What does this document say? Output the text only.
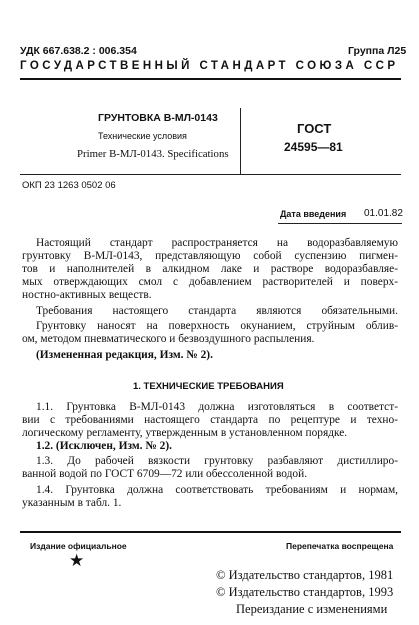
УДК 667.638.2 : 006.354	Группа Л25
ГОСУДАРСТВЕННЫЙ СТАНДАРТ СОЮЗА ССР
ГРУНТОВКА В-МЛ-0143
Технические условия
Primer В-МЛ-0143. Specifications
ГОСТ
24595—81
ОКП 23 1263 0502 06
Дата введения 01.01.82
Настоящий стандарт распространяется на водоразбавляемую
грунтовку В-МЛ-0143, представляющую собой суспензию пигмен-
тов и наполнителей в алкидном лаке и растворе водоразбавляе-
мых отверждающих смол с добавлением растворителей и поверх-
ностно-активных веществ.
Требования настоящего стандарта являются обязательными.
Грунтовку наносят на поверхность окунанием, струйным облив-
ом, методом пневматического и безвоздушного распыления.
(Измененная редакция, Изм. № 2).
1. ТЕХНИЧЕСКИЕ ТРЕБОВАНИЯ
1.1. Грунтовка В-МЛ-0143 должна изготовляться в соответст-
вии с требованиями настоящего стандарта по рецептуре и техно-
логическому регламенту, утвержденным в установленном порядке.
1.2. (Исключен, Изм. № 2).
1.3. До рабочей вязкости грунтовку разбавляют дистиллиро-
ванной водой по ГОСТ 6709—72 или обессоленной водой.
1.4. Грунтовка должна соответствовать требованиям и нормам,
указанным в табл. 1.
Издание официальное	Перепечатка воспрещена
★
© Издательство стандартов, 1981
© Издательство стандартов, 1993
Переиздание с изменениями
